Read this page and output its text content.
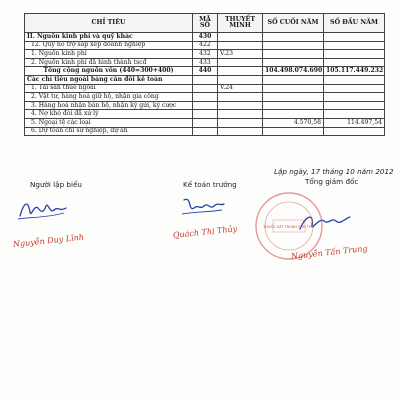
CHỈ TIÊU	MÃ SỐ	THUYẾT MINH	SỐ CUỐI NĂM	SỐ ĐẦU NĂM
II. Nguồn kinh phí và quỹ khác	430			
12. Quỹ hỗ trợ sắp xếp doanh nghiệp	422			
1. Nguồn kinh phí	432	V.23		
2. Nguồn kinh phí đã hình thành tscđ	433			
Tổng cộng nguồn vốn (440=300+400)	440		104.498.074.690	105.117.449.232
Các chỉ tiêu ngoài bảng cân đối kế toán				
1. Tài sản thuê ngoài		V.24		
2. Vật tư, hàng hoá giữ hộ, nhận gia công				
3. Hàng hoá nhận bán hộ, nhận ký gửi, ký cược				
4. Nợ khó đòi đã xử lý				
5. Ngoại tệ các loại			4.570,58	114.497,54
6. Dự toán chi sự nghiệp, dự án				
Lập ngày, 17 tháng 10 năm 2012
Người lập biểu	Kế toán trưởng	Tổng giám đốc
THUỐC SÁT TRÙNG CẦN THƠ
Nguyễn Duy Lĩnh
Quách Thị Thủy
Nguyễn Tấn Trung
